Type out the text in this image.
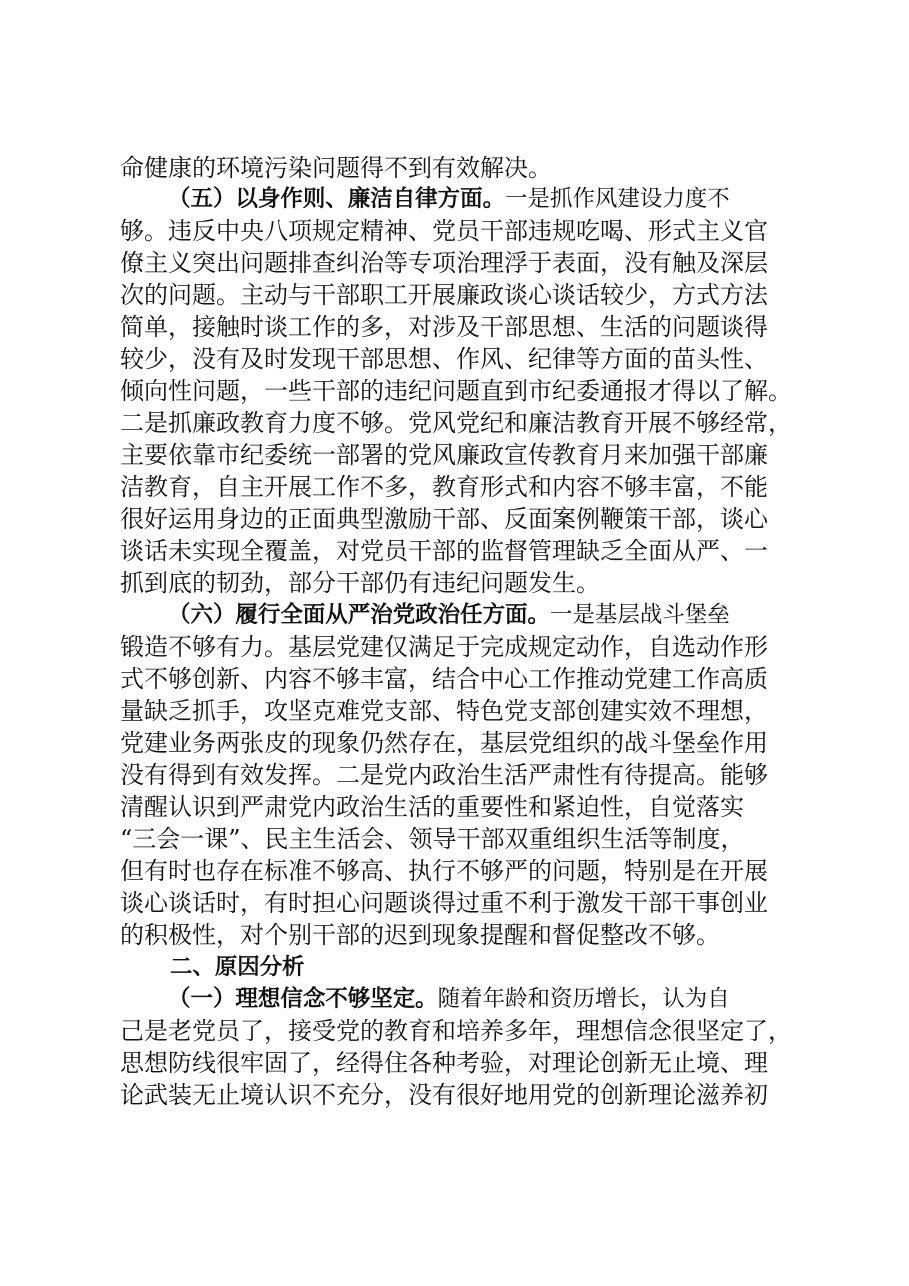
命健康的环境污染问题得不到有效解决。
（五）以身作则、廉洁自律方面。一是抓作风建设力度不
够。违反中央八项规定精神、党员干部违规吃喝、形式主义官
僚主义突出问题排查纠治等专项治理浮于表面，没有触及深层
次的问题。主动与干部职工开展廉政谈心谈话较少，方式方法
简单，接触时谈工作的多，对涉及干部思想、生活的问题谈得
较少，没有及时发现干部思想、作风、纪律等方面的苗头性、
倾向性问题，一些干部的违纪问题直到市纪委通报才得以了解。
二是抓廉政教育力度不够。党风党纪和廉洁教育开展不够经常，
主要依靠市纪委统一部署的党风廉政宣传教育月来加强干部廉
洁教育，自主开展工作不多，教育形式和内容不够丰富，不能
很好运用身边的正面典型激励干部、反面案例鞭策干部，谈心
谈话未实现全覆盖，对党员干部的监督管理缺乏全面从严、一
抓到底的韧劲，部分干部仍有违纪问题发生。
（六）履行全面从严治党政治任方面。一是基层战斗堡垒
锻造不够有力。基层党建仅满足于完成规定动作，自选动作形
式不够创新、内容不够丰富，结合中心工作推动党建工作高质
量缺乏抓手，攻坚克难党支部、特色党支部创建实效不理想，
党建业务两张皮的现象仍然存在，基层党组织的战斗堡垒作用
没有得到有效发挥。二是党内政治生活严肃性有待提高。能够
清醒认识到严肃党内政治生活的重要性和紧迫性，自觉落实
“三会一课”、民主生活会、领导干部双重组织生活等制度，
但有时也存在标准不够高、执行不够严的问题，特别是在开展
谈心谈话时，有时担心问题谈得过重不利于激发干部干事创业
的积极性，对个别干部的迟到现象提醒和督促整改不够。
二、原因分析
（一）理想信念不够坚定。随着年龄和资历增长，认为自
己是老党员了，接受党的教育和培养多年，理想信念很坚定了，
思想防线很牢固了，经得住各种考验，对理论创新无止境、理
论武装无止境认识不充分，没有很好地用党的创新理论滋养初
